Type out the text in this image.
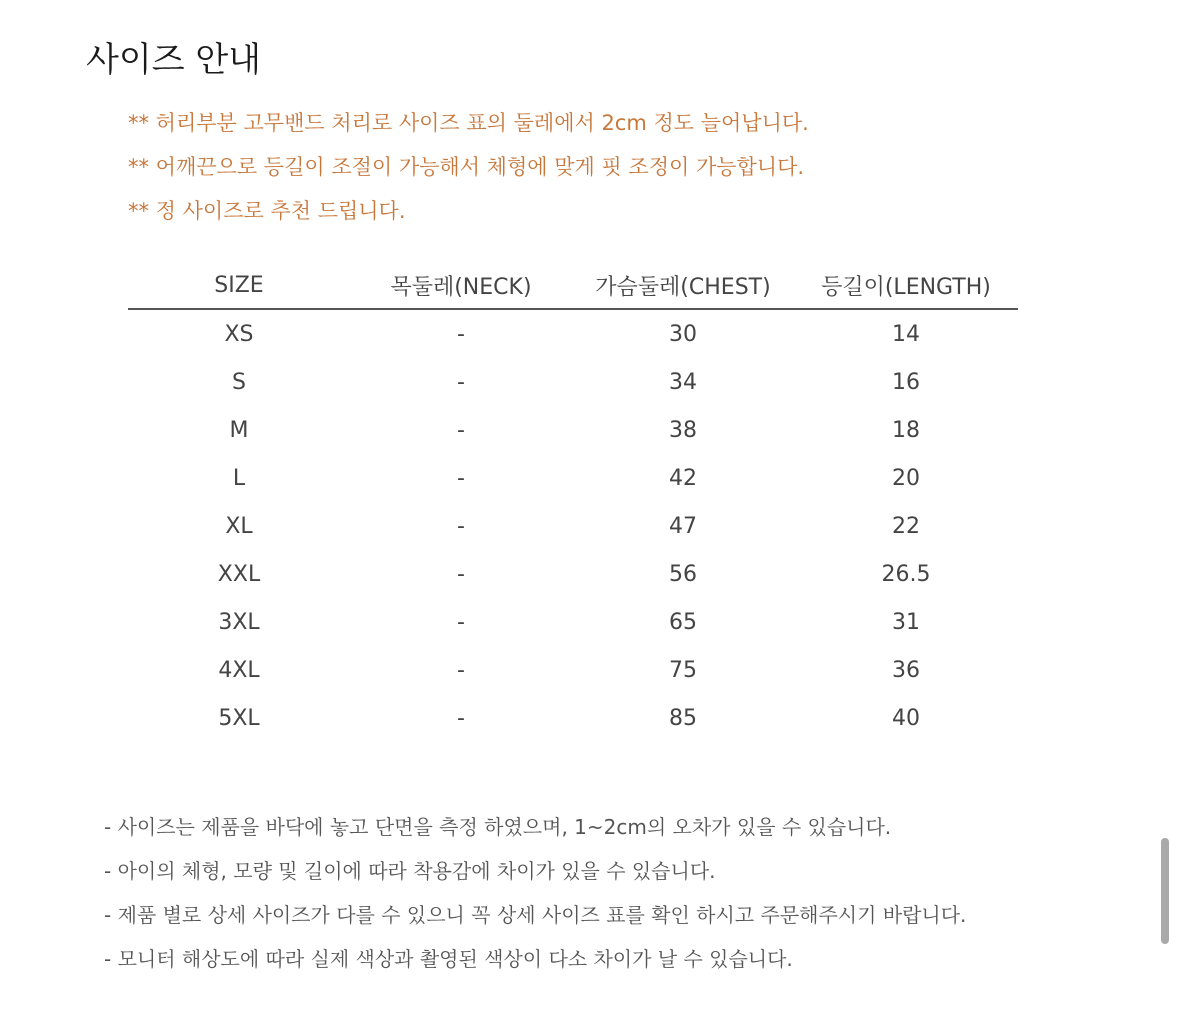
사이즈 안내
** 허리부분 고무밴드 처리로 사이즈 표의 둘레에서 2cm 정도 늘어납니다.
** 어깨끈으로 등길이 조절이 가능해서 체형에 맞게 핏 조정이 가능합니다.
** 정 사이즈로 추천 드립니다.
SIZE	목둘레(NECK)	가슴둘레(CHEST)	등길이(LENGTH)
XS	-	30	14
S	-	34	16
M	-	38	18
L	-	42	20
XL	-	47	22
XXL	-	56	26.5
3XL	-	65	31
4XL	-	75	36
5XL	-	85	40
- 사이즈는 제품을 바닥에 놓고 단면을 측정 하였으며, 1~2cm의 오차가 있을 수 있습니다.
- 아이의 체형, 모량 및 길이에 따라 착용감에 차이가 있을 수 있습니다.
- 제품 별로 상세 사이즈가 다를 수 있으니 꼭 상세 사이즈 표를 확인 하시고 주문해주시기 바랍니다.
- 모니터 해상도에 따라 실제 색상과 촬영된 색상이 다소 차이가 날 수 있습니다.
